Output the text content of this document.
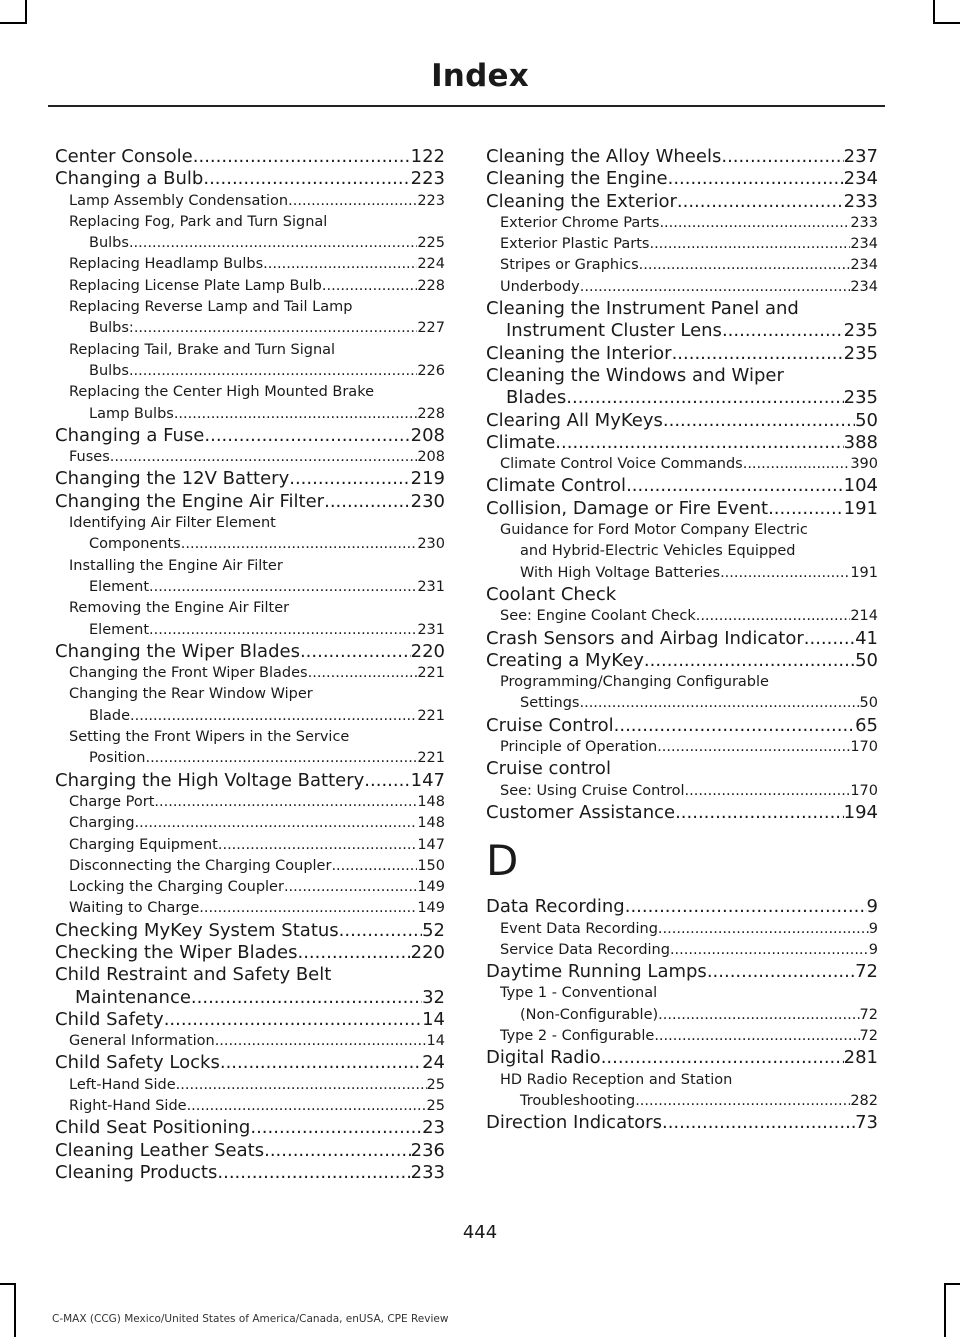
Index
Center Console .....	122
Changing a Bulb .....	223
Lamp Assembly Condensation .....	223
Replacing Fog, Park and Turn Signal
Bulbs .....	225
Replacing Headlamp Bulbs .....	224
Replacing License Plate Lamp Bulb .....	228
Replacing Reverse Lamp and Tail Lamp
Bulbs: .....	227
Replacing Tail, Brake and Turn Signal
Bulbs .....	226
Replacing the Center High Mounted Brake
Lamp Bulbs .....	228
Changing a Fuse .....	208
Fuses .....	208
Changing the 12V Battery .....	219
Changing the Engine Air Filter .....	230
Identifying Air Filter Element
Components .....	230
Installing the Engine Air Filter
Element .....	231
Removing the Engine Air Filter
Element .....	231
Changing the Wiper Blades .....	220
Changing the Front Wiper Blades .....	221
Changing the Rear Window Wiper
Blade .....	221
Setting the Front Wipers in the Service
Position .....	221
Charging the High Voltage Battery .....	147
Charge Port .....	148
Charging .....	148
Charging Equipment .....	147
Disconnecting the Charging Coupler .....	150
Locking the Charging Coupler .....	149
Waiting to Charge .....	149
Checking MyKey System Status .....	52
Checking the Wiper Blades .....	220
Child Restraint and Safety Belt
Maintenance .....	32
Child Safety .....	14
General Information .....	14
Child Safety Locks .....	24
Left-Hand Side .....	25
Right-Hand Side .....	25
Child Seat Positioning .....	23
Cleaning Leather Seats .....	236
Cleaning Products .....	233
Cleaning the Alloy Wheels .....	237
Cleaning the Engine .....	234
Cleaning the Exterior .....	233
Exterior Chrome Parts .....	233
Exterior Plastic Parts .....	234
Stripes or Graphics .....	234
Underbody .....	234
Cleaning the Instrument Panel and
Instrument Cluster Lens .....	235
Cleaning the Interior .....	235
Cleaning the Windows and Wiper
Blades .....	235
Clearing All MyKeys .....	50
Climate .....	388
Climate Control Voice Commands .....	390
Climate Control .....	104
Collision, Damage or Fire Event .....	191
Guidance for Ford Motor Company Electric
and Hybrid-Electric Vehicles Equipped
With High Voltage Batteries .....	191
Coolant Check
See: Engine Coolant Check .....	214
Crash Sensors and Airbag Indicator .....	41
Creating a MyKey .....	50
Programming/Changing Configurable
Settings .....	50
Cruise Control .....	65
Principle of Operation .....	170
Cruise control
See: Using Cruise Control .....	170
Customer Assistance .....	194
D
Data Recording .....	9
Event Data Recording .....	9
Service Data Recording .....	9
Daytime Running Lamps .....	72
Type 1 - Conventional
(Non-Configurable) .....	72
Type 2 - Configurable .....	72
Digital Radio .....	281
HD Radio Reception and Station
Troubleshooting .....	282
Direction Indicators .....	73
444
C-MAX (CCG) Mexico/United States of America/Canada, enUSA, CPE Review
